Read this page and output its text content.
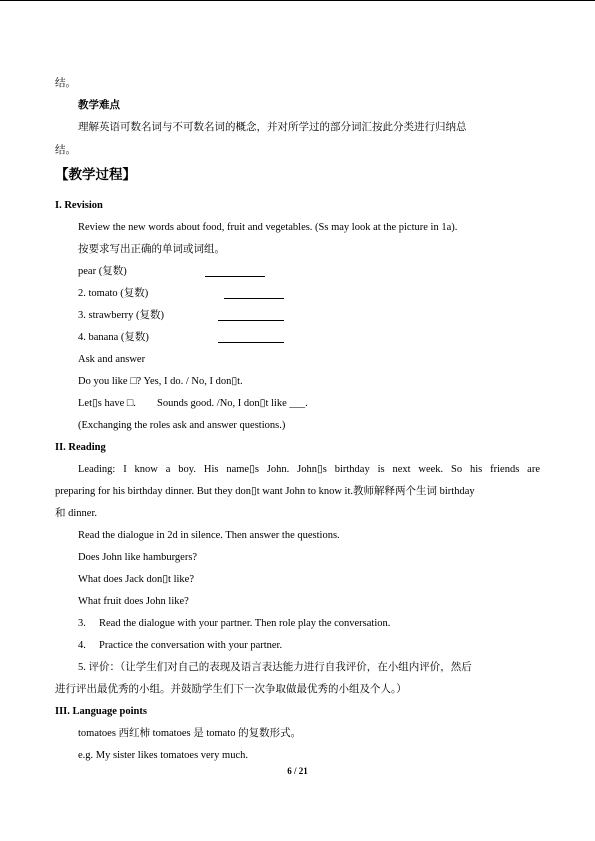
结。
教学难点
理解英语可数名词与不可数名词的概念，并对所学过的部分词汇按此分类进行归纳总
结。
【教学过程】
I. Revision
Review the new words about food, fruit and vegetables. (Ss may look at the picture in 1a).
按要求写出正确的单词或词组。
pear (复数)
2. tomato (复数)
3. strawberry (复数)
4. banana (复数)
Ask and answer
Do you like □? Yes, I do. / No, I don▯t.
Let▯s have □. Sounds good. /No, I don▯t like ___.
(Exchanging the roles ask and answer questions.)
II. Reading
Leading: I know a boy. His name▯s John. John▯s birthday is next week. So his friends are
preparing for his birthday dinner. But they don▯t want John to know it.教师解释两个生词 birthday
和 dinner.
Read the dialogue in 2d in silence. Then answer the questions.
Does John like hamburgers?
What does Jack don▯t like?
What fruit does John like?
3. Read the dialogue with your partner. Then role play the conversation.
4. Practice the conversation with your partner.
5. 评价：（让学生们对自己的表现及语言表达能力进行自我评价，在小组内评价，然后
进行评出最优秀的小组。并鼓励学生们下一次争取做最优秀的小组及个人。）
III. Language points
tomatoes 西红柿 tomatoes 是 tomato 的复数形式。
e.g. My sister likes tomatoes very much.
6 / 21
